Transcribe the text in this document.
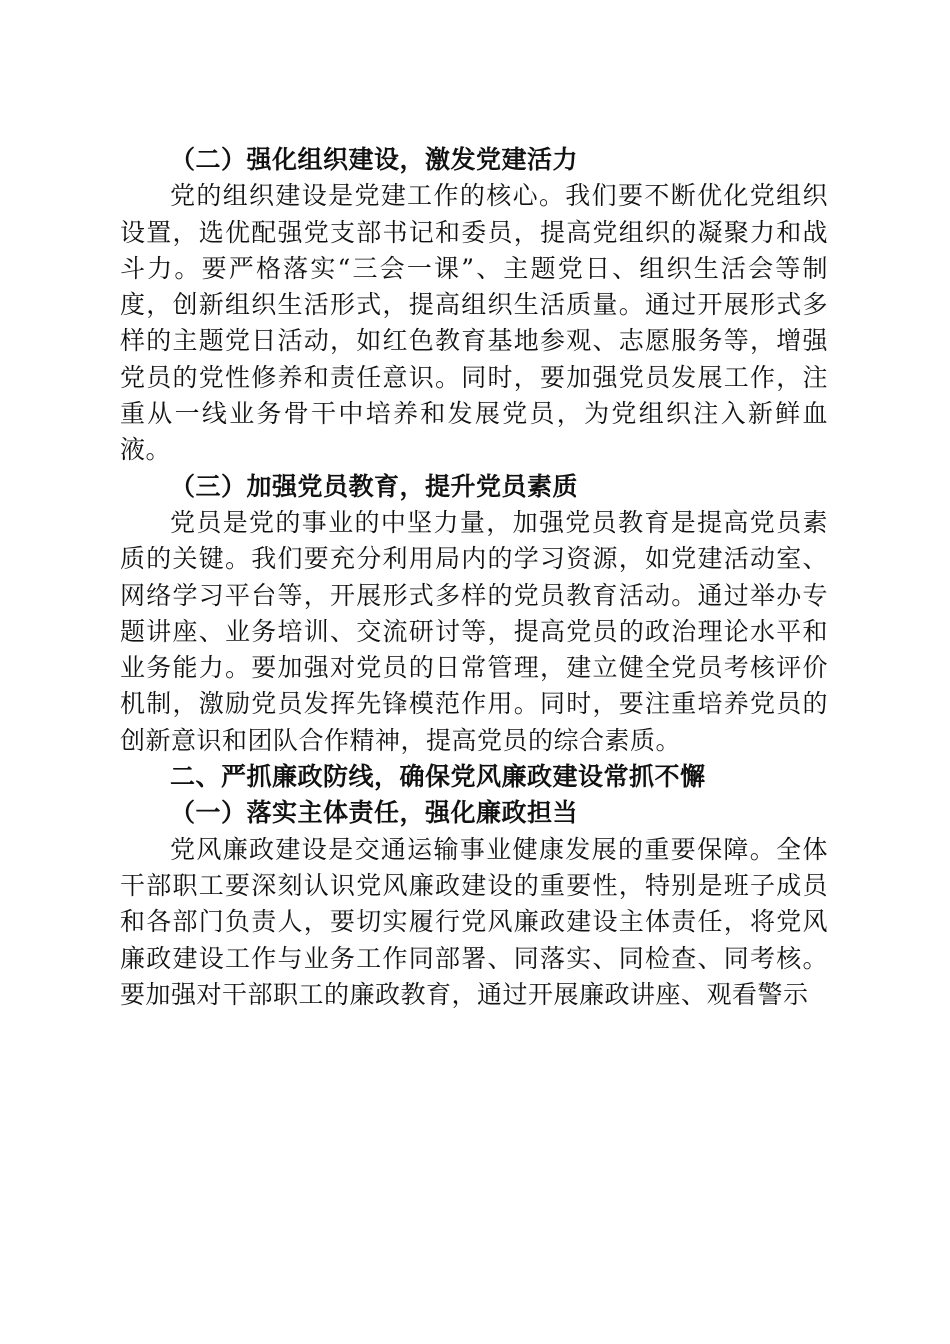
（二）强化组织建设，激发党建活力

党的组织建设是党建工作的核心。我们要不断优化党组织设置，选优配强党支部书记和委员，提高党组织的凝聚力和战斗力。要严格落实“三会一课”、主题党日、组织生活会等制度，创新组织生活形式，提高组织生活质量。通过开展形式多样的主题党日活动，如红色教育基地参观、志愿服务等，增强党员的党性修养和责任意识。同时，要加强党员发展工作，注重从一线业务骨干中培养和发展党员，为党组织注入新鲜血液。

（三）加强党员教育，提升党员素质

党员是党的事业的中坚力量，加强党员教育是提高党员素质的关键。我们要充分利用局内的学习资源，如党建活动室、网络学习平台等，开展形式多样的党员教育活动。通过举办专题讲座、业务培训、交流研讨等，提高党员的政治理论水平和业务能力。要加强对党员的日常管理，建立健全党员考核评价机制，激励党员发挥先锋模范作用。同时，要注重培养党员的创新意识和团队合作精神，提高党员的综合素质。

二、严抓廉政防线，确保党风廉政建设常抓不懈

（一）落实主体责任，强化廉政担当

党风廉政建设是交通运输事业健康发展的重要保障。全体干部职工要深刻认识党风廉政建设的重要性，特别是班子成员和各部门负责人，要切实履行党风廉政建设主体责任，将党风廉政建设工作与业务工作同部署、同落实、同检查、同考核。要加强对干部职工的廉政教育，通过开展廉政讲座、观看警示
